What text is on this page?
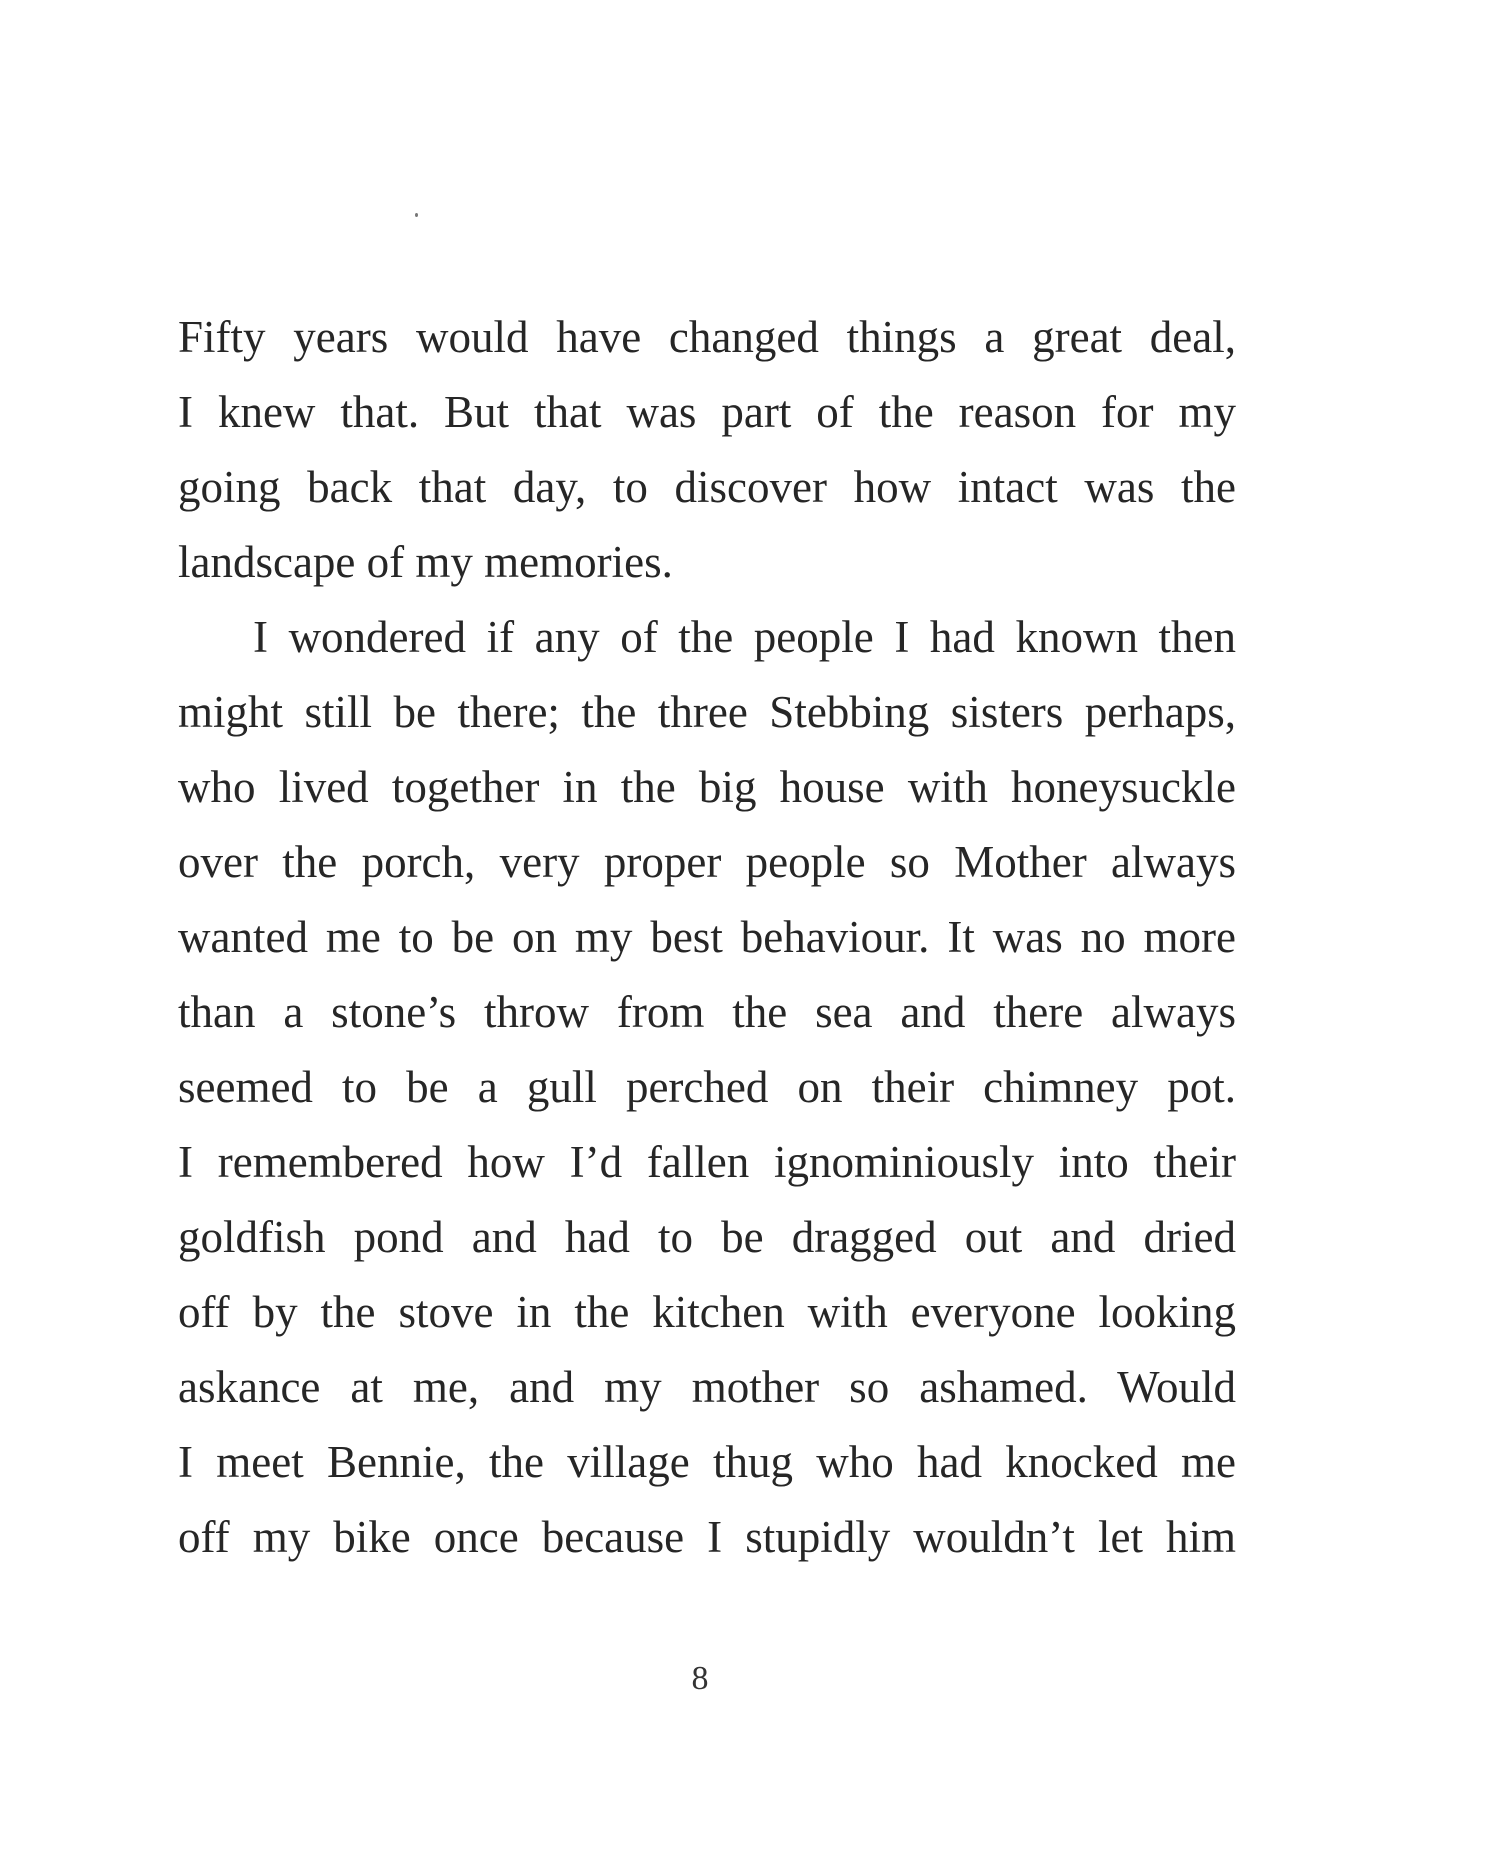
Fifty years would have changed things a great deal,
I knew that. But that was part of the reason for my
going back that day, to discover how intact was the
landscape of my memories.
I wondered if any of the people I had known then
might still be there; the three Stebbing sisters perhaps,
who lived together in the big house with honeysuckle
over the porch, very proper people so Mother always
wanted me to be on my best behaviour. It was no more
than a stone’s throw from the sea and there always
seemed to be a gull perched on their chimney pot.
I remembered how I’d fallen ignominiously into their
goldfish pond and had to be dragged out and dried
off by the stove in the kitchen with everyone looking
askance at me, and my mother so ashamed. Would
I meet Bennie, the village thug who had knocked me
off my bike once because I stupidly wouldn’t let him
8
